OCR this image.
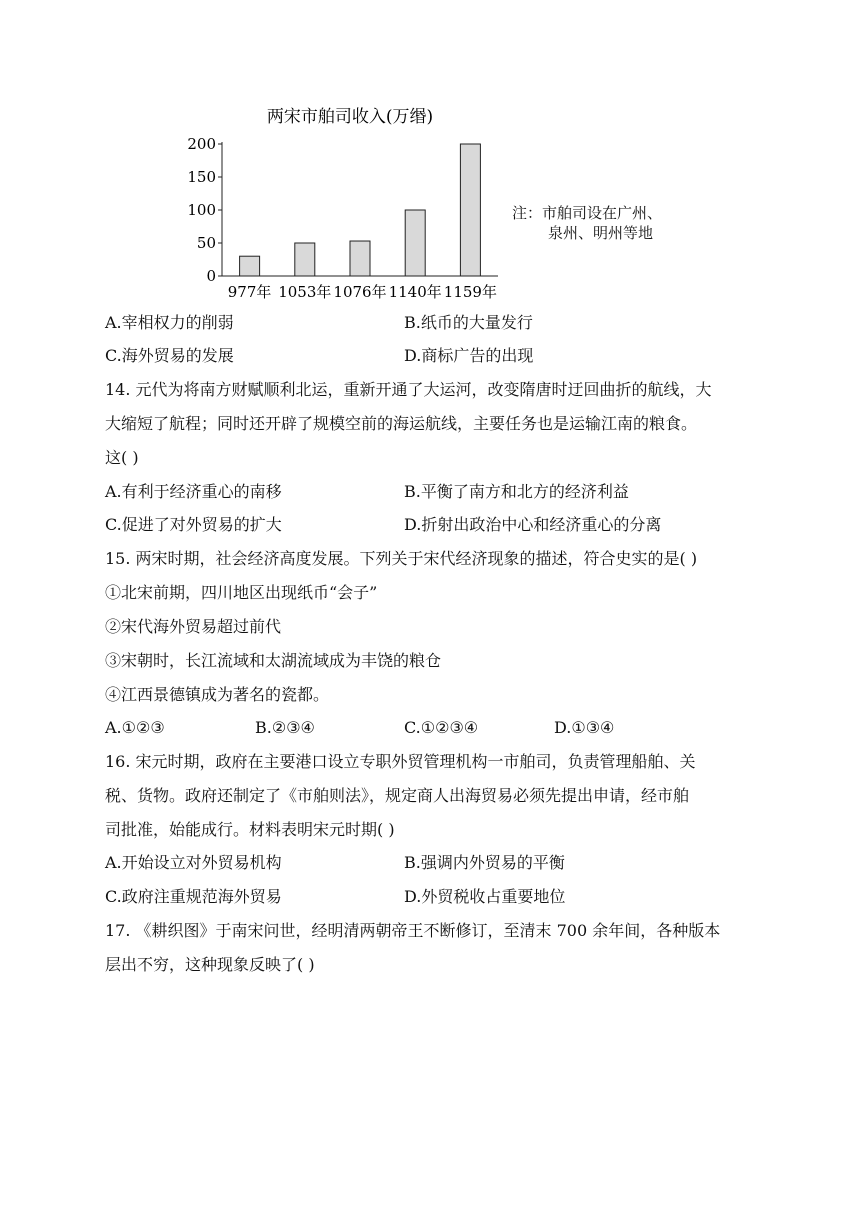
两宋市舶司收入(万缗)
200
150
100
50
0
977年 1053年 1076年 1140年 1159年
注：市舶司设在广州、
泉州、明州等地
A.宰相权力的削弱	B.纸币的大量发行
C.海外贸易的发展	D.商标广告的出现
14. 元代为将南方财赋顺利北运，重新开通了大运河，改变隋唐时迂回曲折的航线，大
大缩短了航程；同时还开辟了规模空前的海运航线，主要任务也是运输江南的粮食。
这( )
A.有利于经济重心的南移	B.平衡了南方和北方的经济利益
C.促进了对外贸易的扩大	D.折射出政治中心和经济重心的分离
15. 两宋时期，社会经济高度发展。下列关于宋代经济现象的描述，符合史实的是( )
①北宋前期，四川地区出现纸币“会子”
②宋代海外贸易超过前代
③宋朝时，长江流域和太湖流域成为丰饶的粮仓
④江西景德镇成为著名的瓷都。
A.①②③	B.②③④	C.①②③④	D.①③④
16. 宋元时期，政府在主要港口设立专职外贸管理机构一市舶司，负责管理船舶、关
税、货物。政府还制定了《市舶则法》，规定商人出海贸易必须先提出申请，经市舶
司批准，始能成行。材料表明宋元时期( )
A.开始设立对外贸易机构	B.强调内外贸易的平衡
C.政府注重规范海外贸易	D.外贸税收占重要地位
17. 《耕织图》于南宋问世，经明清两朝帝王不断修订，至清末 700 余年间，各种版本
层出不穷，这种现象反映了( )
